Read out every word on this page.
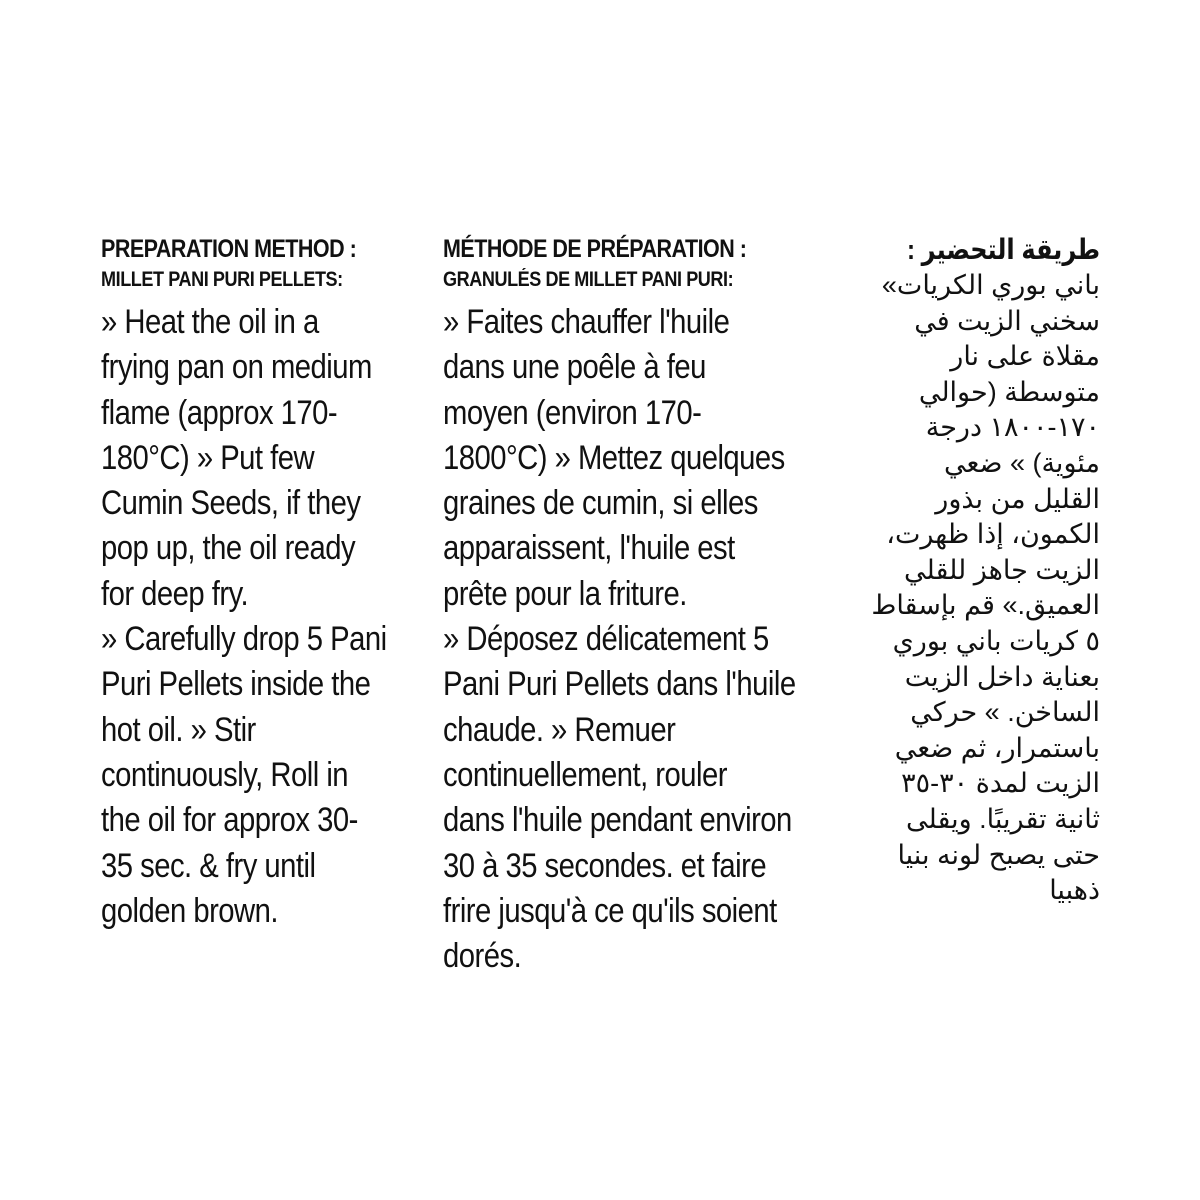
PREPARATION METHOD :
MILLET PANI PURI PELLETS:
» Heat the oil in a
frying pan on medium
flame (approx 170-
180°C) » Put few
Cumin Seeds, if they
pop up, the oil ready
for deep fry.
» Carefully drop 5 Pani
Puri Pellets inside the
hot oil. » Stir
continuously, Roll in
the oil for approx 30-
35 sec. & fry until
golden brown.
MÉTHODE DE PRÉPARATION :
GRANULÉS DE MILLET PANI PURI:
» Faites chauffer l'huile
dans une poêle à feu
moyen (environ 170-
1800°C) » Mettez quelques
graines de cumin, si elles
apparaissent, l'huile est
prête pour la friture.
» Déposez délicatement 5
Pani Puri Pellets dans l'huile
chaude. » Remuer
continuellement, rouler
dans l'huile pendant environ
30 à 35 secondes. et faire
frire jusqu'à ce qu'ils soient
dorés.
طريقة التحضير :
باني بوري الكريات»
سخني الزيت في
مقلاة على نار
متوسطة (حوالي
١٧٠-١٨٠٠ درجة
مئوية) » ضعي
القليل من بذور
الكمون، إذا ظهرت،
الزيت جاهز للقلي
العميق.» قم بإسقاط
٥ كريات باني بوري
بعناية داخل الزيت
الساخن. » حركي
باستمرار، ثم ضعي
الزيت لمدة ٣٠-٣٥
ثانية تقريبًا. ويقلى
حتى يصبح لونه بنيا
ذهبيا
